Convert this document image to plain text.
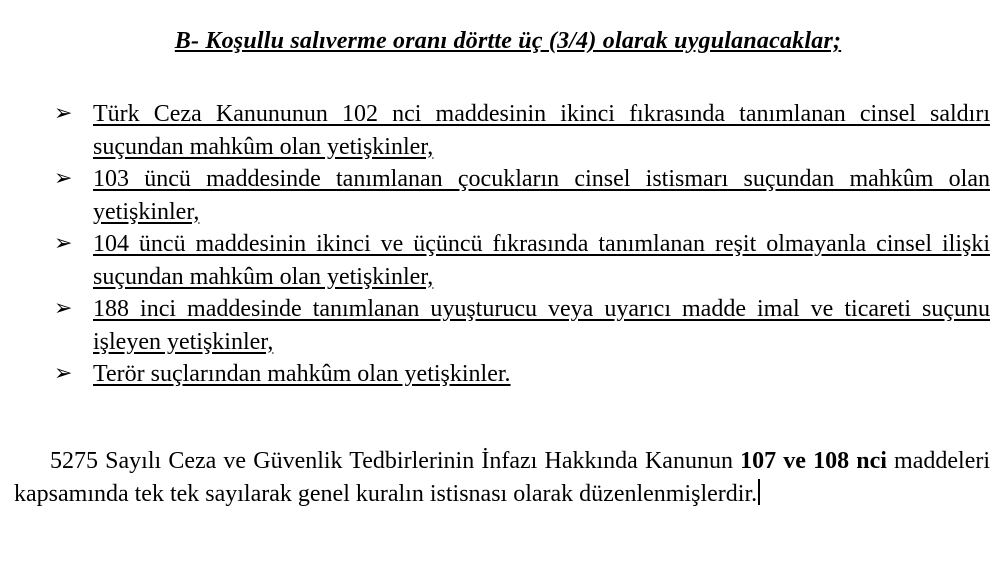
B- Koşullu salıverme oranı dörtte üç (3/4) olarak uygulanacaklar;
➢ Türk Ceza Kanununun 102 nci maddesinin ikinci fıkrasında tanımlanan cinsel saldırı suçundan mahkûm olan yetişkinler,
➢ 103 üncü maddesinde tanımlanan çocukların cinsel istismarı suçundan mahkûm olan yetişkinler,
➢ 104 üncü maddesinin ikinci ve üçüncü fıkrasında tanımlanan reşit olmayanla cinsel ilişki suçundan mahkûm olan yetişkinler,
➢ 188 inci maddesinde tanımlanan uyuşturucu veya uyarıcı madde imal ve ticareti suçunu işleyen yetişkinler,
➢ Terör suçlarından mahkûm olan yetişkinler.

5275 Sayılı Ceza ve Güvenlik Tedbirlerinin İnfazı Hakkında Kanunun 107 ve 108 nci maddeleri kapsamında tek tek sayılarak genel kuralın istisnası olarak düzenlenmişlerdir.
